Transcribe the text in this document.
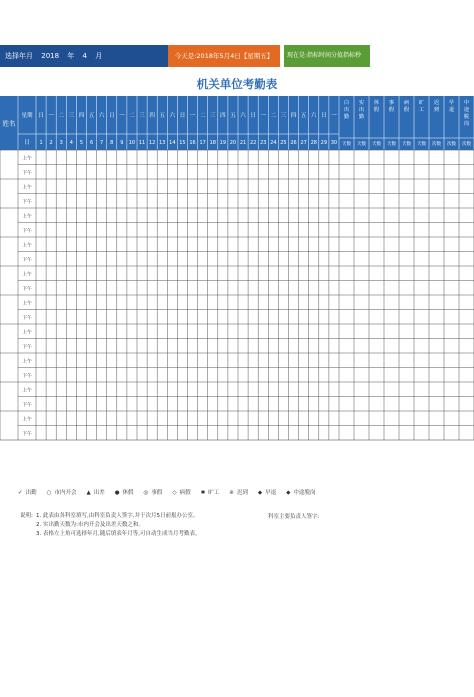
选择年月 2018 年 4 月	今天是:2018年5月4日【星期五】	现在是:指标时间分值指标秒
机关单位考勤表
姓名
星期
日
日 一 二 三 四 五 六 日 一 二 三 四 五 六 日 一 二 三 四 五 六 日 一 二 三 四 五 六 日 一
1 2 3 4 5 6 7 8 9 10 11 12 13 14 15 16 17 18 19 20 21 22 23 24 25 26 27 28 29 30
白出勤
天数
实出勤
天数
休假
天数
事假
天数
病假
天数
旷工
天数
迟到
次数
早退
次数
中途脱岗
次数
上午
下午
上午
下午
上午
下午
上午
下午
上午
下午
上午
下午
上午
下午
上午
下午
上午
下午
上午
下午
✓ 出勤 ○ 市内开会 ▲ 出差 ● 休假 ◎ 事假 ◇ 病假 ✱ 旷工 ※ 迟到 ◆ 早退 ◆ 中途脱岗
说明: 1. 此表由各科室填写,由科室负责人签字,并于次月5日前报办公室。
2. 实出勤天数为:市内开会及出差天数之和。
3. 表格左上角可选择年月,随后填表年月等,可自动生成当月考勤表。
科室主要负责人签字:
